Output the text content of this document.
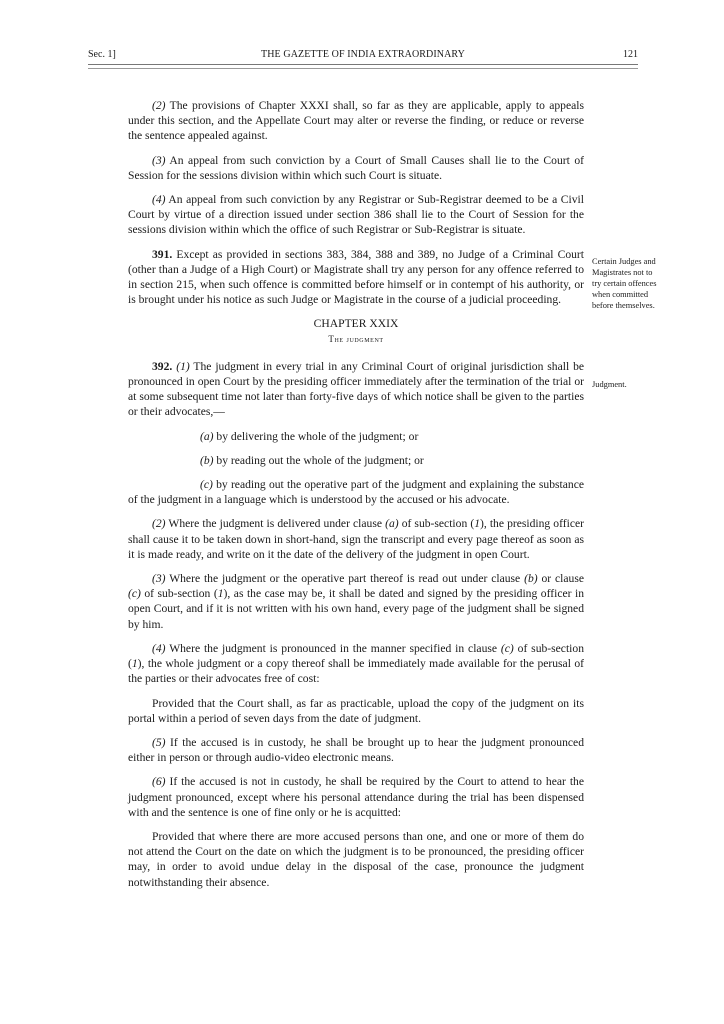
Sec. 1]	THE GAZETTE OF INDIA EXTRAORDINARY	121

(2) The provisions of Chapter XXXI shall, so far as they are applicable, apply to appeals under this section, and the Appellate Court may alter or reverse the finding, or reduce or reverse the sentence appealed against.

(3) An appeal from such conviction by a Court of Small Causes shall lie to the Court of Session for the sessions division within which such Court is situate.

(4) An appeal from such conviction by any Registrar or Sub-Registrar deemed to be a Civil Court by virtue of a direction issued under section 386 shall lie to the Court of Session for the sessions division within which the office of such Registrar or Sub-Registrar is situate.

391. Except as provided in sections 383, 384, 388 and 389, no Judge of a Criminal Court (other than a Judge of a High Court) or Magistrate shall try any person for any offence referred to in section 215, when such offence is committed before himself or in contempt of his authority, or is brought under his notice as such Judge or Magistrate in the course of a judicial proceeding.

CHAPTER XXIX
The judgment

392. (1) The judgment in every trial in any Criminal Court of original jurisdiction shall be pronounced in open Court by the presiding officer immediately after the termination of the trial or at some subsequent time not later than forty-five days of which notice shall be given to the parties or their advocates,—

(a) by delivering the whole of the judgment; or

(b) by reading out the whole of the judgment; or

(c) by reading out the operative part of the judgment and explaining the substance of the judgment in a language which is understood by the accused or his advocate.

(2) Where the judgment is delivered under clause (a) of sub-section (1), the presiding officer shall cause it to be taken down in short-hand, sign the transcript and every page thereof as soon as it is made ready, and write on it the date of the delivery of the judgment in open Court.

(3) Where the judgment or the operative part thereof is read out under clause (b) or clause (c) of sub-section (1), as the case may be, it shall be dated and signed by the presiding officer in open Court, and if it is not written with his own hand, every page of the judgment shall be signed by him.

(4) Where the judgment is pronounced in the manner specified in clause (c) of sub-section (1), the whole judgment or a copy thereof shall be immediately made available for the perusal of the parties or their advocates free of cost:

Provided that the Court shall, as far as practicable, upload the copy of the judgment on its portal within a period of seven days from the date of judgment.

(5) If the accused is in custody, he shall be brought up to hear the judgment pronounced either in person or through audio-video electronic means.

(6) If the accused is not in custody, he shall be required by the Court to attend to hear the judgment pronounced, except where his personal attendance during the trial has been dispensed with and the sentence is one of fine only or he is acquitted:

Provided that where there are more accused persons than one, and one or more of them do not attend the Court on the date on which the judgment is to be pronounced, the presiding officer may, in order to avoid undue delay in the disposal of the case, pronounce the judgment notwithstanding their absence.

Certain Judges and Magistrates not to try certain offences when committed before themselves.
Judgment.
